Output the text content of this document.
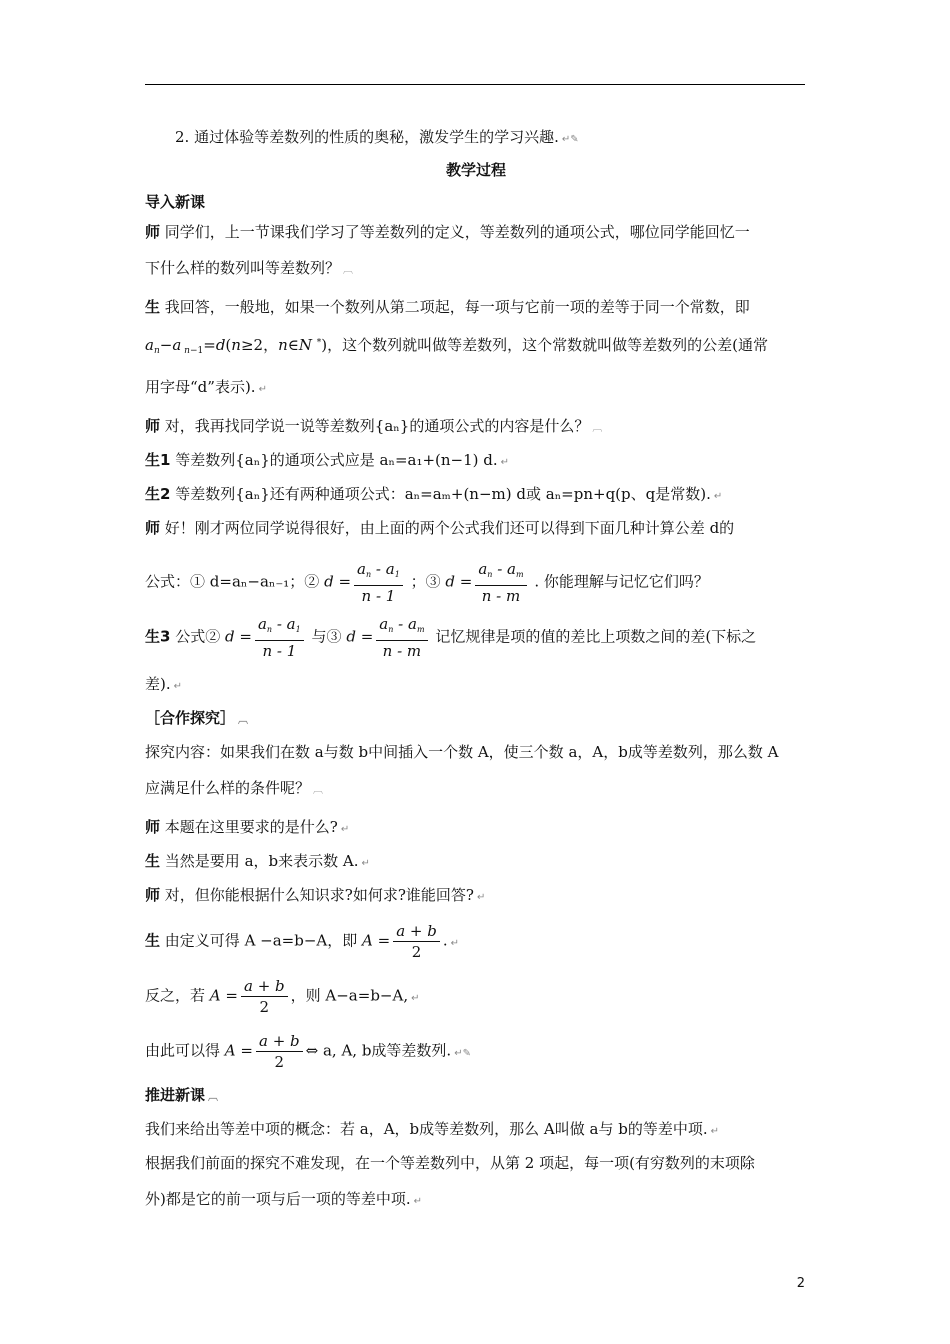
2. 通过体验等差数列的性质的奥秘，激发学生的学习兴趣. ↵✎

教学过程

导入新课

师 同学们，上一节课我们学习了等差数列的定义，等差数列的通项公式，哪位同学能回忆一

下什么样的数列叫等差数列？ ︹

生 我回答，一般地，如果一个数列从第二项起，每一项与它前一项的差等于同一个常数，即

$a_n-a$ $_{n-1}$=d(n≥2，n∈N *)，这个数列就叫做等差数列，这个常数就叫做等差数列的公差(通常

用字母“d”表示). ↵

师 对，我再找同学说一说等差数列{aₙ}的通项公式的内容是什么？ ︹

生1 等差数列{aₙ}的通项公式应是 aₙ=a₁+(n−1) d. ↵

生2 等差数列{aₙ}还有两种通项公式：aₙ=aₘ+(n−m) d或 aₙ=pn+q(p、q是常数). ↵

师 好！刚才两位同学说得很好，由上面的两个公式我们还可以得到下面几种计算公差 d的

公式：① d=aₙ−aₙ₋₁；② $d = \frac{a_n - a_1}{n - 1}$ ；③ $d = \frac{a_n - a_m}{n - m}$ . 你能理解与记忆它们吗？

生3 公式② $d = \frac{a_n - a_1}{n - 1}$ 与③ $d = \frac{a_n - a_m}{n - m}$ 记忆规律是项的值的差比上项数之间的差(下标之

差). ↵

［合作探究］ ︹

探究内容：如果我们在数 a与数 b中间插入一个数 A，使三个数 a，A，b成等差数列，那么数 A

应满足什么样的条件呢？ ︹

师 本题在这里要求的是什么? ↵

生 当然是要用 a，b来表示数 A. ↵

师 对，但你能根据什么知识求?如何求?谁能回答? ↵

生 由定义可得 A −a=b−A，即 $A = \frac{a + b}{2}$ . ↵

反之，若 $A = \frac{a + b}{2}$ ，则 A−a=b−A, ↵

由此可以得 $A = \frac{a + b}{2}$ ⇔ a, A, b成等差数列. ↵✎

推进新课 ︹

我们来给出等差中项的概念：若 a，A，b成等差数列，那么 A叫做 a与 b的等差中项. ↵

根据我们前面的探究不难发现，在一个等差数列中，从第 2 项起，每一项(有穷数列的末项除

外)都是它的前一项与后一项的等差中项. ↵

2
